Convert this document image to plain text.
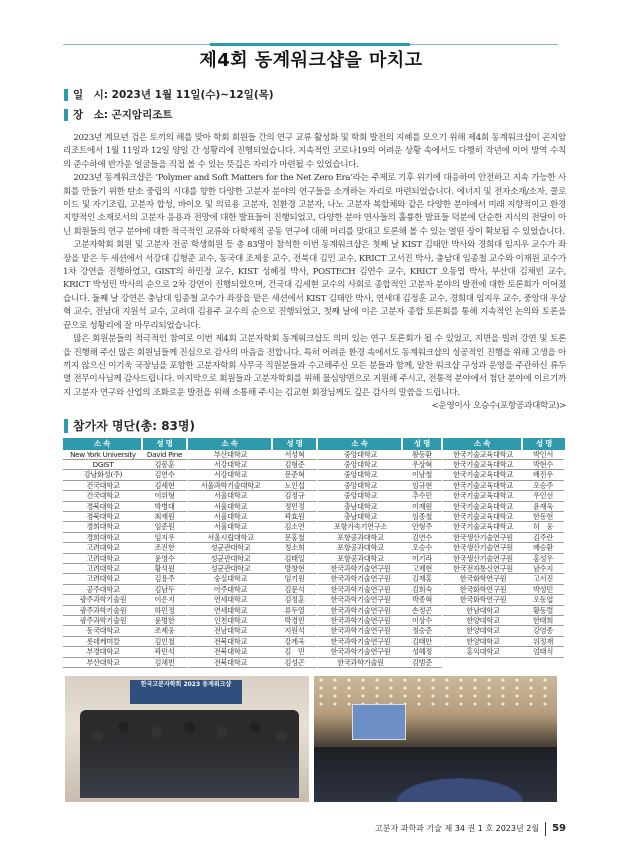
제4회 동계워크샵을 마치고
일　시: 2023년 1월 11일(수)~12일(목)
장　소: 곤지암리조트

2023년 계묘년 검은 토끼의 해를 맞아 학회 회원들 간의 연구 교류 활성화 및 학회 발전의 지혜를 모으기 위해 제4회 동계워크샵이 곤지암리조트에서 1월 11일과 12일 양일 간 성황리에 진행되었습니다. 지속적인 코로나19의 어려운 상황 속에서도 다행히 작년에 이어 방역 수칙의 준수하에 반가운 얼굴들을 직접 볼 수 있는 뜻깊은 자리가 마련될 수 있었습니다.

2023년 동계워크샵은 ‘Polymer and Soft Matters for the Net Zero Era’라는 주제로 기후 위기에 대응하여 안전하고 지속 가능한 사회를 만들기 위한 탄소 중립의 시대를 향한 다양한 고분자 분야의 연구들을 소개하는 자리로 마련되었습니다. 에너지 및 전자소재/소자, 콜로이드 및 자기조립, 고분자 합성, 바이오 및 의료용 고분자, 친환경 고분자, 나노 고분자 복합체와 같은 다양한 분야에서 미래 지향적이고 환경 지향적인 소재로서의 고분자 응용과 전망에 대한 발표들이 진행되었고, 다양한 분야 연사들의 훌륭한 발표들 덕분에 단순한 지식의 전달이 아닌 회원들의 연구 분야에 대한 적극적인 교류와 다학제적 공동 연구에 대해 머리를 맞대고 토론해 볼 수 있는 열띤 장이 확보될 수 있었습니다.

고분자학회 회원 및 고분자 전공 학생회원 등 총 83명이 참석한 이번 동계워크샵은 첫째 날 KIST 김태안 박사와 경희대 임지우 교수가 좌장을 맡은 두 세션에서 서강대 김형준 교수, 동국대 조제웅 교수, 전북대 김민 교수, KRICT 고서진 박사, 충남대 임종철 교수와 이재원 교수가 1차 강연을 진행하였고, GIST의 하민정 교수, KIST 성혜정 박사, POSTECH 김연수 교수, KRICT 오동엽 박사, 부산대 김채빈 교수, KRICT 박성민 박사의 순으로 2차 강연이 진행되었으며, 건국대 김세현 교수의 사회로 종합적인 고분자 분야의 발전에 대한 토론회가 이어졌습니다. 둘째 날 강연은 충남대 임종철 교수가 좌장을 맡은 세션에서 KIST 김태안 박사, 연세대 김정훈 교수, 경희대 임지우 교수, 중앙대 우상혁 교수, 전남대 지원석 교수, 고려대 김용주 교수의 순으로 진행되었고, 첫째 날에 이은 고분자 종합 토론회를 통해 지속적인 논의와 토론을 끝으로 성황리에 잘 마무리되었습니다.

많은 회원분들의 적극적인 참여로 이번 제4회 고분자학회 동계워크샵도 의미 있는 연구 토론회가 될 수 있었고, 지면을 빌려 강연 및 토론을 진행해 주신 많은 회원님들께 진심으로 감사의 마음을 전합니다. 특히 어려운 환경 속에서도 동계워크샵의 성공적인 진행을 위해 고생을 아끼지 않으신 이기욱 국장님을 포함한 고분자학회 사무국 직원분들과 수고해주신 모든 분들과 함께, 알찬 워크샵 구성과 운영을 주관하신 류두열 전무이사님께 감사드립니다. 마지막으로 회원들과 고분자학회를 위해 물심양면으로 지원해 주시고, 전통적 분야에서 첨단 분야에 이르기까지 고분자 연구와 산업의 조화로운 발전을 위해 소통해 주시는 김교현 회장님께도 깊은 감사의 말씀을 드립니다.

<운영이사 오승수(포항공과대학교)>
참가자 명단(총: 83명)
소 속	성 명	소 속	성 명	소 속	성 명	소 속	성 명
New York University	David Pine	부산대학교	서성혁	중앙대학교	왕동환	한국기술교육대학교	박인서
DGIST	김봉훈	서강대학교	김형준	중앙대학교	우상혁	한국기술교육대학교	박현수
강남화성(주)	김연수	서강대학교	문준혁	중앙대학교	이남철	한국기술교육대학교	배진우
건국대학교	김세현	서울과학기술대학교	노인섭	중앙대학교	임규현	한국기술교육대학교	오승주
건국대학교	이위형	서울대학교	김정규	중앙대학교	추수민	한국기술교육대학교	우인선
경북대학교	박병대	서울대학교	정민정	충남대학교	이재원	한국기술교육대학교	윤재욱
경북대학교	최재원	서울대학교	곽효원	충남대학교	임종철	한국기술교육대학교	한동현
경희대학교	임준원	서울대학교	김소연	포항가속기연구소	안형주	한국기술교육대학교	허　웅
경희대학교	임지우	서울시립대학교	문홍철	포항공과대학교	김연수	한국생산기술연구원	김주란
고려대학교	조진한	성균관대학교	정소희	포항공과대학교	오승수	한국생산기술연구원	배승환
고려대학교	윤영수	성균관대학교	김태일	포항공과대학교	이기라	한국생산기술연구원	홍성우
고려대학교	황석원	성균관대학교	방창현	한국과학기술연구원	고제현	한국전자통신연구원	남수지
고려대학교	김용주	숭실대학교	임기원	한국과학기술연구원	김재홍	한국화학연구원	고서진
공주대학교	김남두	아주대학교	김문석	한국과학기술연구원	김희숙	한국화학연구원	박성민
광주과학기술원	이은지	연세대학교	김정훈	한국과학기술연구원	박종혁	한국화학연구원	오동엽
광주과학기술원	하민정	연세대학교	류두열	한국과학기술연구원	손정곤	한남대학교	황동렬
광주과학기술원	윤명한	인천대학교	박경민	한국과학기술연구원	이상수	한양대학교	한태희
동국대학교	조제웅	전남대학교	지원석	한국과학기술연구원	정승준	한양대학교	강영종
롯데케미칼	김인철	전북대학교	강계욱	한국과학기술연구원	김태안	한양대학교	위정재
부경대학교	곽민석	전북대학교	김　민	한국과학기술연구원	성혜정	홍익대학교	엄태식
부산대학교	김채빈	전북대학교	김성곤	한국과학기술원	김범준		
한국고분자학회 2023 동계워크샵
고분자 과학과 기술 제 34 권 1 호 2023년 2월 59
